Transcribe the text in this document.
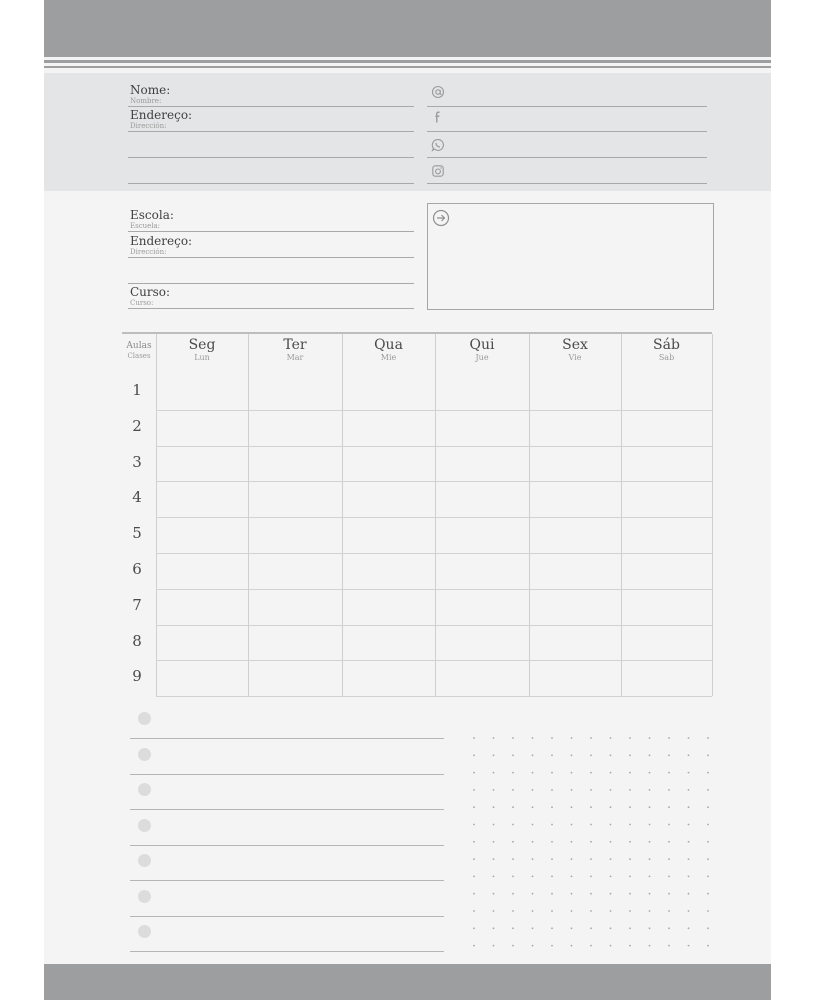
Nome:
Nombre:
Endereço:
Dirección:
Escola:
Escuela:
Endereço:
Dirección:
Curso:
Curso:
Aulas
Clases
Seg
Lun
Ter
Mar
Qua
Mie
Qui
Jue
Sex
Vie
Sáb
Sab
1
2
3
4
5
6
7
8
9
